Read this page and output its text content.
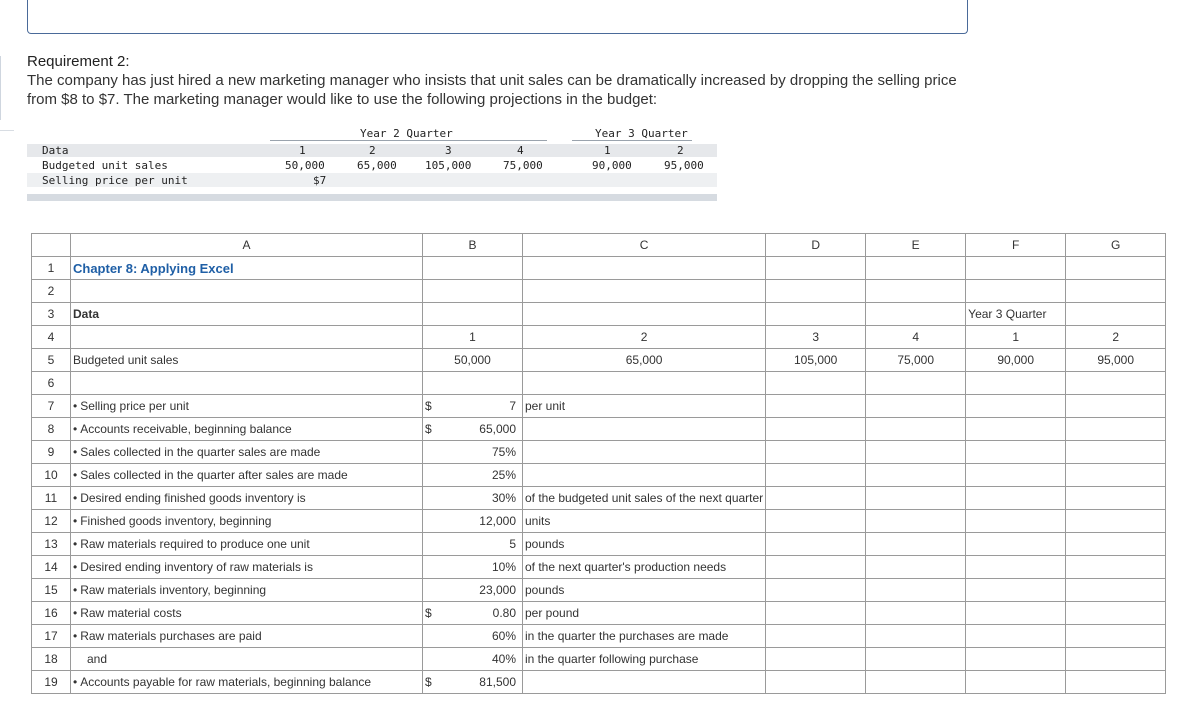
Requirement 2:
The company has just hired a new marketing manager who insists that unit sales can be dramatically increased by dropping the selling price from $8 to $7. The marketing manager would like to use the following projections in the budget:
Year 2 Quarter	Year 3 Quarter
Data	1	2	3	4	1	2
Budgeted unit sales	50,000	65,000	105,000	75,000	90,000	95,000
Selling price per unit	$7
	A	B	C	D	E	F	G
1	Chapter 8: Applying Excel						
2							
3	Data					Year 3 Quarter	
4		1	2	3	4	1	2
5	Budgeted unit sales	50,000	65,000	105,000	75,000	90,000	95,000
6							
7	• Selling price per unit	$ 7	per unit				
8	• Accounts receivable, beginning balance	$ 65,000					
9	• Sales collected in the quarter sales are made	75%					
10	• Sales collected in the quarter after sales are made	25%					
11	• Desired ending finished goods inventory is	30%	of the budgeted unit sales of the next quarter				
12	• Finished goods inventory, beginning	12,000	units				
13	• Raw materials required to produce one unit	5	pounds				
14	• Desired ending inventory of raw materials is	10%	of the next quarter's production needs				
15	• Raw materials inventory, beginning	23,000	pounds				
16	• Raw material costs	$ 0.80	per pound				
17	• Raw materials purchases are paid	60%	in the quarter the purchases are made				
18	and	40%	in the quarter following purchase				
19	• Accounts payable for raw materials, beginning balance	$ 81,500					
